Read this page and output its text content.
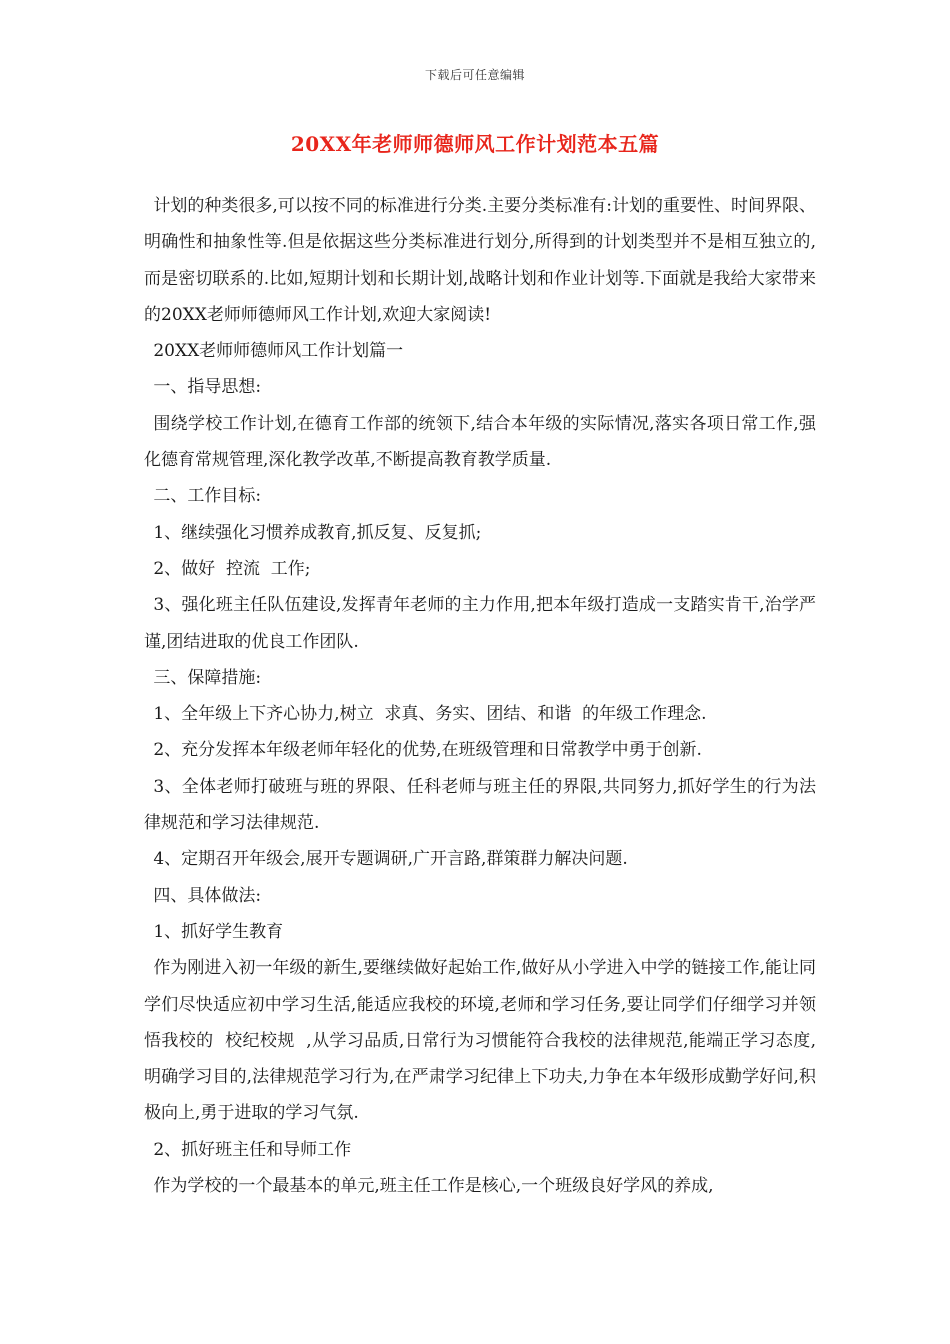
下载后可任意编辑
20XX年老师师德师风工作计划范本五篇

计划的种类很多,可以按不同的标准进行分类.主要分类标准有:计划的重要性、时间界限、明确性和抽象性等.但是依据这些分类标准进行划分,所得到的计划类型并不是相互独立的,而是密切联系的.比如,短期计划和长期计划,战略计划和作业计划等.下面就是我给大家带来的20XX老师师德师风工作计划,欢迎大家阅读!

20XX老师师德师风工作计划篇一

一、指导思想:

围绕学校工作计划,在德育工作部的统领下,结合本年级的实际情况,落实各项日常工作,强化德育常规管理,深化教学改革,不断提高教育教学质量.

二、工作目标:

1、继续强化习惯养成教育,抓反复、反复抓;

2、做好  控流  工作;

3、强化班主任队伍建设,发挥青年老师的主力作用,把本年级打造成一支踏实肯干,治学严谨,团结进取的优良工作团队.

三、保障措施:

1、全年级上下齐心协力,树立  求真、务实、团结、和谐  的年级工作理念.

2、充分发挥本年级老师年轻化的优势,在班级管理和日常教学中勇于创新.

3、全体老师打破班与班的界限、任科老师与班主任的界限,共同努力,抓好学生的行为法律规范和学习法律规范.

4、定期召开年级会,展开专题调研,广开言路,群策群力解决问题.

四、具体做法:

1、抓好学生教育

作为刚进入初一年级的新生,要继续做好起始工作,做好从小学进入中学的链接工作,能让同学们尽快适应初中学习生活,能适应我校的环境,老师和学习任务,要让同学们仔细学习并领悟我校的  校纪校规  ,从学习品质,日常行为习惯能符合我校的法律规范,能端正学习态度,明确学习目的,法律规范学习行为,在严肃学习纪律上下功夫,力争在本年级形成勤学好问,积极向上,勇于进取的学习气氛.

2、抓好班主任和导师工作

作为学校的一个最基本的单元,班主任工作是核心,一个班级良好学风的养成,
